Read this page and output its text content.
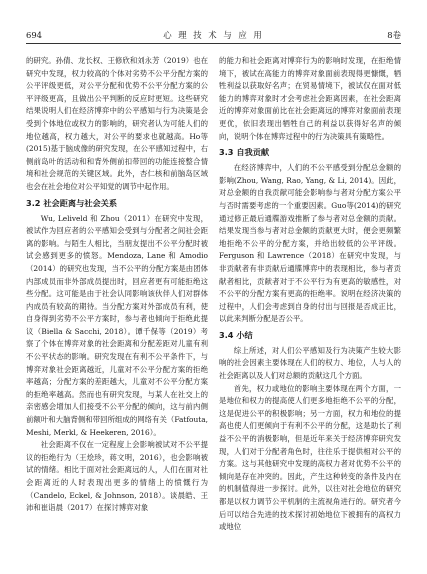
694	心 理 技 术 与 应 用	8卷

的研究。孙倩、龙长权、王修欣和刘永芳（2019）也在研究中发现，权力较高的个体对劣势不公平分配方案的公平评级更低，对公平分配和优势不公平分配方案的公平评级更高，且做出公平判断的反应时更短。这些研究结果说明人们在经济博弈中的公平感知与行为决策是会受到个体地位或权力的影响的，研究者认为可能人们的地位越高，权力越大，对公平的要求也就越高。Ho等(2015)基于脑成像的研究发现，在公平感知过程中，右侧前岛叶的活动和和背外侧前扣带回的功能连接整合情境和社会规范的关键区域。此外，杏仁核和前脑岛区域也会在社会地位对公平知觉的调节中起作用。

3.2 社会距离与社会关系

Wu, Leliveld 和 Zhou（2011）在研究中发现，被试作为回应者的公平感知会受到与分配者之间社会距离的影响。与陌生人相比，当朋友提出不公平分配时被试会感到更多的愤怒。Mendoza, Lane 和 Amodio（2014）的研究也发现，当不公平的分配方案是由团体内部成员而非外部成员提出时，回应者更有可能拒绝这些分配。这可能是由于社会认同影响该伙伴人们对群体内成员有较高的期待。当分配方案对外部成员有利，使自身得到劣势不公平方案时，参与者也倾向于拒绝此提议（Biella & Sacchi, 2018）。谭千保等（2019）考察了个体在博弈对象的社会距离和分配差距对儿童有利不公平状态的影响。研究发现在有利不公平条件下，与博弈对象社会距离越近，儿童对不公平分配方案的拒绝率越高；分配方案的差距越大，儿童对不公平分配方案的拒绝率越高。然而也有研究发现，与某人在社交上的亲密感会增加人们接受不公平分配的倾向，这与前内侧前额叶和大脑背侧和带回所组成的网络有关（Fatfouta, Meshi, Merkl, & Heekeren, 2016）。

社会距离不仅在一定程度上会影响被试对不公平提议的拒绝行为（王烩珍，蒋文明，2016），也会影响被试的情绪。相比于面对社会距离远的人，人们在面对社会距离近的人时表现出更多的情绪上的愤慨行为（Candelo, Eckel, & Johnson, 2018）。谈晨皓、王沛和崔诣晨（2017）在探讨博弈对象

的能力和社会距离对博弈行为的影响时发现，在拒绝情境下，被试在高能力的博弈对象面前表现得更慷慨，牺牲利益以获取好名声；在贸易情境下，被试仅在面对低能力的博弈对象时才会考虑社会距离因素，在社会距离近的博弈对象面前比在社会距离远的博弈对象面前表现更优，依旧表现出牺牲自己的利益以获得好名声的倾向，说明个体在博弈过程中的行为决策具有策略性。

3.3 自我贡献

在经济博弈中，人们的不公平感受到分配总金额的影响(Zhou, Wang, Rao, Yang, & Li, 2014)。因此，对总金额的自我贡献可能会影响参与者对分配方案公平与否时需要考虑的一个重要因素。Guo等(2014)的研究通过修正最后通牒游戏推断了参与者对总金额的贡献。结果发现当参与者对总金额的贡献更大时，便会更频繁地拒绝不公平的分配方案，并给出较低的公平评级。Ferguson 和 Lawrence（2018）在研究中发现，与非贡献者有非贡献后通牒博弈中的表现相比，参与者贡献者相比，贡献者对于不公平行为有更高的敏感性，对不公平的分配方案有更高的拒绝率。说明在经济决策的过程中，人们会考虑到自身的付出与回报是否成正比，以此来判断分配是否公平。

3.4 小结

综上所述，对人们公平感知及行为决策产生较大影响的社会因素主要体现在人们的权力、地位，人与人的社会距离以及人们对总额的贡献这几个方面。

首先，权力或地位的影响主要体现在两个方面，一是地位和权力的提高使人们更多地拒绝不公平的分配，这是促进公平的积极影响；另一方面，权力和地位的提高也使人们更倾向于有利不公平的分配，这是助长了利益不公平的消极影响，但是近年来关于经济博弈研究发现，人们对于分配者角色时，往往乐于提供相对公平的方案。这与其他研究中发现的高权力者对优势不公平的倾向是存在冲突的。因此，产生这种转变的条件及内在的机制值得进一步探讨。此外，以往对社会地位的研究都是以权力调节公平机制的主流视角进行的。研究者今后可以结合先进的技术探讨初始地位下被拥有的高权力或地位
